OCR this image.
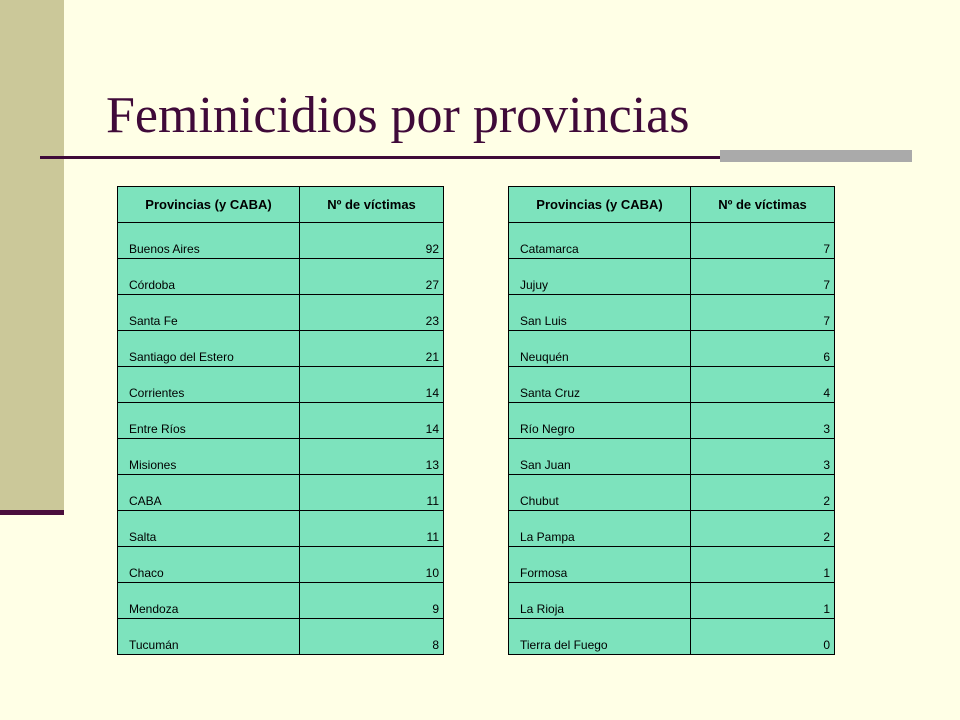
Feminicidios por provincias
Provincias (y CABA)	Nº de víctimas
Buenos Aires	92
Córdoba	27
Santa Fe	23
Santiago del Estero	21
Corrientes	14
Entre Ríos	14
Misiones	13
CABA	11
Salta	11
Chaco	10
Mendoza	9
Tucumán	8
Provincias (y CABA)	Nº de víctimas
Catamarca	7
Jujuy	7
San Luis	7
Neuquén	6
Santa Cruz	4
Río Negro	3
San Juan	3
Chubut	2
La Pampa	2
Formosa	1
La Rioja	1
Tierra del Fuego	0
